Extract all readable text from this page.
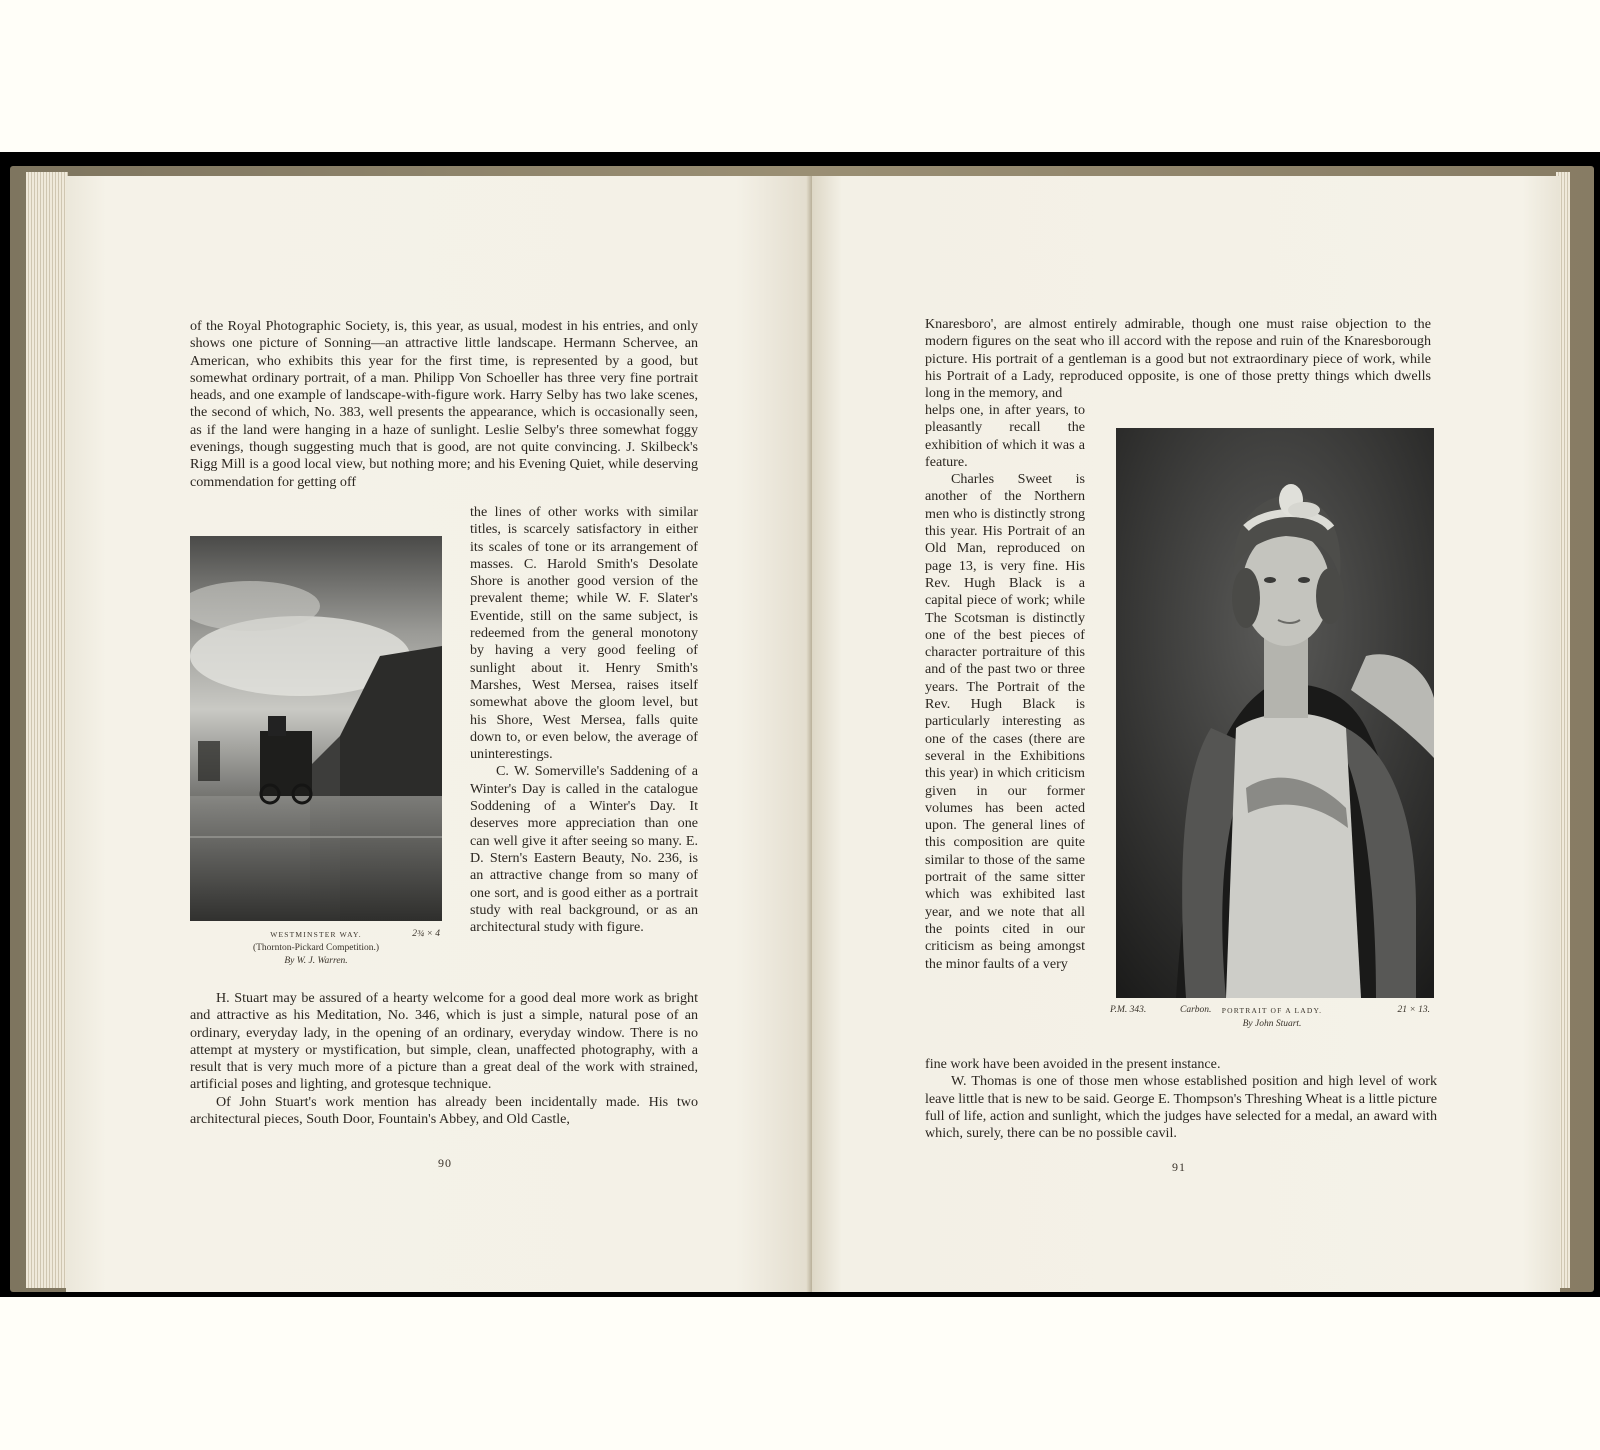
of the Royal Photographic Society, is, this year, as usual, modest in his entries, and only shows one picture of Sonning—an attractive little landscape. Hermann Schervee, an American, who exhibits this year for the first time, is represented by a good, but somewhat ordinary portrait, of a man. Philipp Von Schoeller has three very fine portrait heads, and one example of landscape-with-figure work. Harry Selby has two lake scenes, the second of which, No. 383, well presents the appearance, which is occasionally seen, as if the land were hanging in a haze of sunlight. Leslie Selby's three somewhat foggy evenings, though suggesting much that is good, are not quite convincing. J. Skilbeck's Rigg Mill is a good local view, but nothing more; and his Evening Quiet, while deserving commendation for getting off

WESTMINSTER WAY.	2¾ × 4
(Thornton-Pickard Competition.)
By W. J. Warren.

the lines of other works with similar titles, is scarcely satisfactory in either its scales of tone or its arrangement of masses. C. Harold Smith's Desolate Shore is another good version of the prevalent theme; while W. F. Slater's Eventide, still on the same subject, is redeemed from the general monotony by having a very good feeling of sunlight about it. Henry Smith's Marshes, West Mersea, raises itself somewhat above the gloom level, but his Shore, West Mersea, falls quite down to, or even below, the average of uninterestings.

C. W. Somerville's Saddening of a Winter's Day is called in the catalogue Soddening of a Winter's Day. It deserves more appreciation than one can well give it after seeing so many. E. D. Stern's Eastern Beauty, No. 236, is an attractive change from so many of one sort, and is good either as a portrait study with real background, or as an architectural study with figure.

H. Stuart may be assured of a hearty welcome for a good deal more work as bright and attractive as his Meditation, No. 346, which is just a simple, natural pose of an ordinary, everyday lady, in the opening of an ordinary, everyday window. There is no attempt at mystery or mystification, but simple, clean, unaffected photography, with a result that is very much more of a picture than a great deal of the work with strained, artificial poses and lighting, and grotesque technique.

Of John Stuart's work mention has already been incidentally made. His two architectural pieces, South Door, Fountain's Abbey, and Old Castle,

90

Knaresboro', are almost entirely admirable, though one must raise objection to the modern figures on the seat who ill accord with the repose and ruin of the Knaresborough picture. His portrait of a gentleman is a good but not extraordinary piece of work, while his Portrait of a Lady, reproduced opposite, is one of those pretty things which dwells long in the memory, and

helps one, in after years, to pleasantly recall the exhibition of which it was a feature.

Charles Sweet is another of the Northern men who is distinctly strong this year. His Portrait of an Old Man, reproduced on page 13, is very fine. His Rev. Hugh Black is a capital piece of work; while The Scotsman is distinctly one of the best pieces of character portraiture of this and of the past two or three years. The Portrait of the Rev. Hugh Black is particularly interesting as one of the cases (there are several in the Exhibitions this year) in which criticism given in our former volumes has been acted upon. The general lines of this composition are quite similar to those of the same portrait of the same sitter which was exhibited last year, and we note that all the points cited in our criticism as being amongst the minor faults of a very

P.M. 343.	Carbon. PORTRAIT OF A LADY.	21 × 13.
By John Stuart.

fine work have been avoided in the present instance.

W. Thomas is one of those men whose established position and high level of work leave little that is new to be said. George E. Thompson's Threshing Wheat is a little picture full of life, action and sunlight, which the judges have selected for a medal, an award with which, surely, there can be no possible cavil.

91
